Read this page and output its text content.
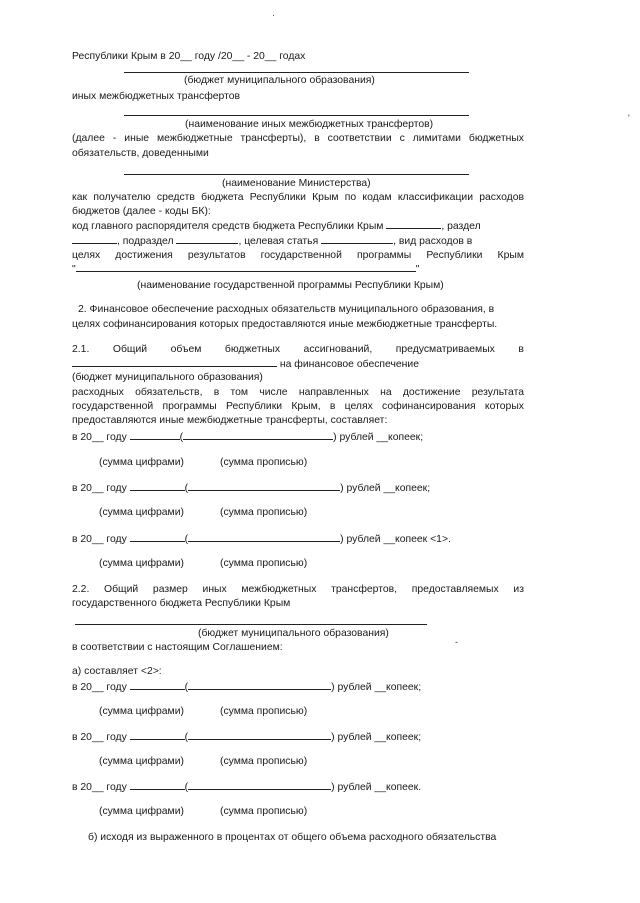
Республики Крым в 20__ году /20__ - 20__ годах
(бюджет муниципального образования)
иных межбюджетных трансфертов
(наименование иных межбюджетных трансфертов)
(далее - иные межбюджетные трансферты), в соответствии с лимитами бюджетных
обязательств, доведенными
(наименование Министерства)
как получателю средств бюджета Республики Крым по кодам классификации расходов
бюджетов (далее - коды БК):
код главного распорядителя средств бюджета Республики Крым	, раздел
, подраздел	, целевая статья	, вид расходов в
целях достижения результатов государственной программы Республики Крым
"	"
(наименование государственной программы Республики Крым)
2. Финансовое обеспечение расходных обязательств муниципального образования, в
целях софинансирования которых предоставляются иные межбюджетные трансферты.
2.1. Общий объем бюджетных ассигнований, предусматриваемых в
на финансовое обеспечение
(бюджет муниципального образования)
расходных обязательств, в том числе направленных на достижение результата
государственной программы Республики Крым, в целях софинансирования которых
предоставляются иные межбюджетные трансферты, составляет:
в 20__ году	(	) рублей __копеек;
(сумма цифрами)	(сумма прописью)
в 20__ году	(	) рублей __копеек;
(сумма цифрами)	(сумма прописью)
в 20__ году	(	) рублей __копеек <1>.
(сумма цифрами)	(сумма прописью)
2.2. Общий размер иных межбюджетных трансфертов, предоставляемых из
государственного бюджета Республики Крым
(бюджет муниципального образования)
в соответствии с настоящим Соглашением:
а) составляет <2>:
в 20__ году	(	) рублей __копеек;
(сумма цифрами)	(сумма прописью)
в 20__ году	(	) рублей __копеек;
(сумма цифрами)	(сумма прописью)
в 20__ году	(	) рублей __копеек.
(сумма цифрами)	(сумма прописью)
б) исходя из выраженного в процентах от общего объема расходного обязательства
·
'
-
